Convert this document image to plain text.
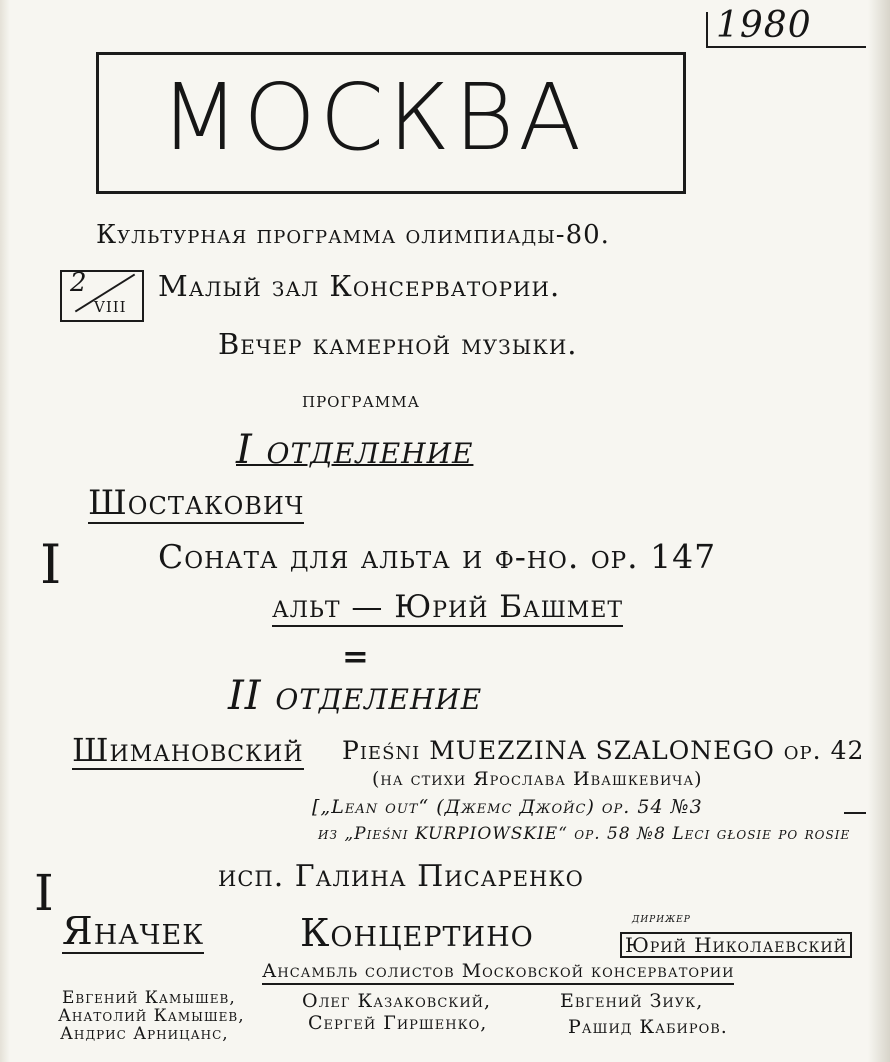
1980
МОСКВА
Культурная программа олимпиады-80.
2
VIII
Малый зал Консерватории.
Вечер камерной музыки.
программа
I отделение
Шостакович
I	Соната для альта и ф-но. ор. 147
альт — Юрий Башмет
=
II отделение
Шимановский Pieśni MUEZZINA SZALONEGO ор. 42
(на стихи Ярослава Ивашкевича)
[„Lean out“ (Джемс Джойс) ор. 54 №3
из „Pieśni KURPIOWSKIE“ ор. 58 №8 Leci głosie po rosie
исп. Галина Писаренко
I
Яначек	Концертино	дирижер
Юрий Николаевский
Ансамбль солистов Московской консерватории
Евгений Камышев,	Олег Казаковский,	Евгений Зиук,
Анатолий Камышев,
Андрис Арницанс,	Сергей Гиршенко,	Рашид Кабиров.
